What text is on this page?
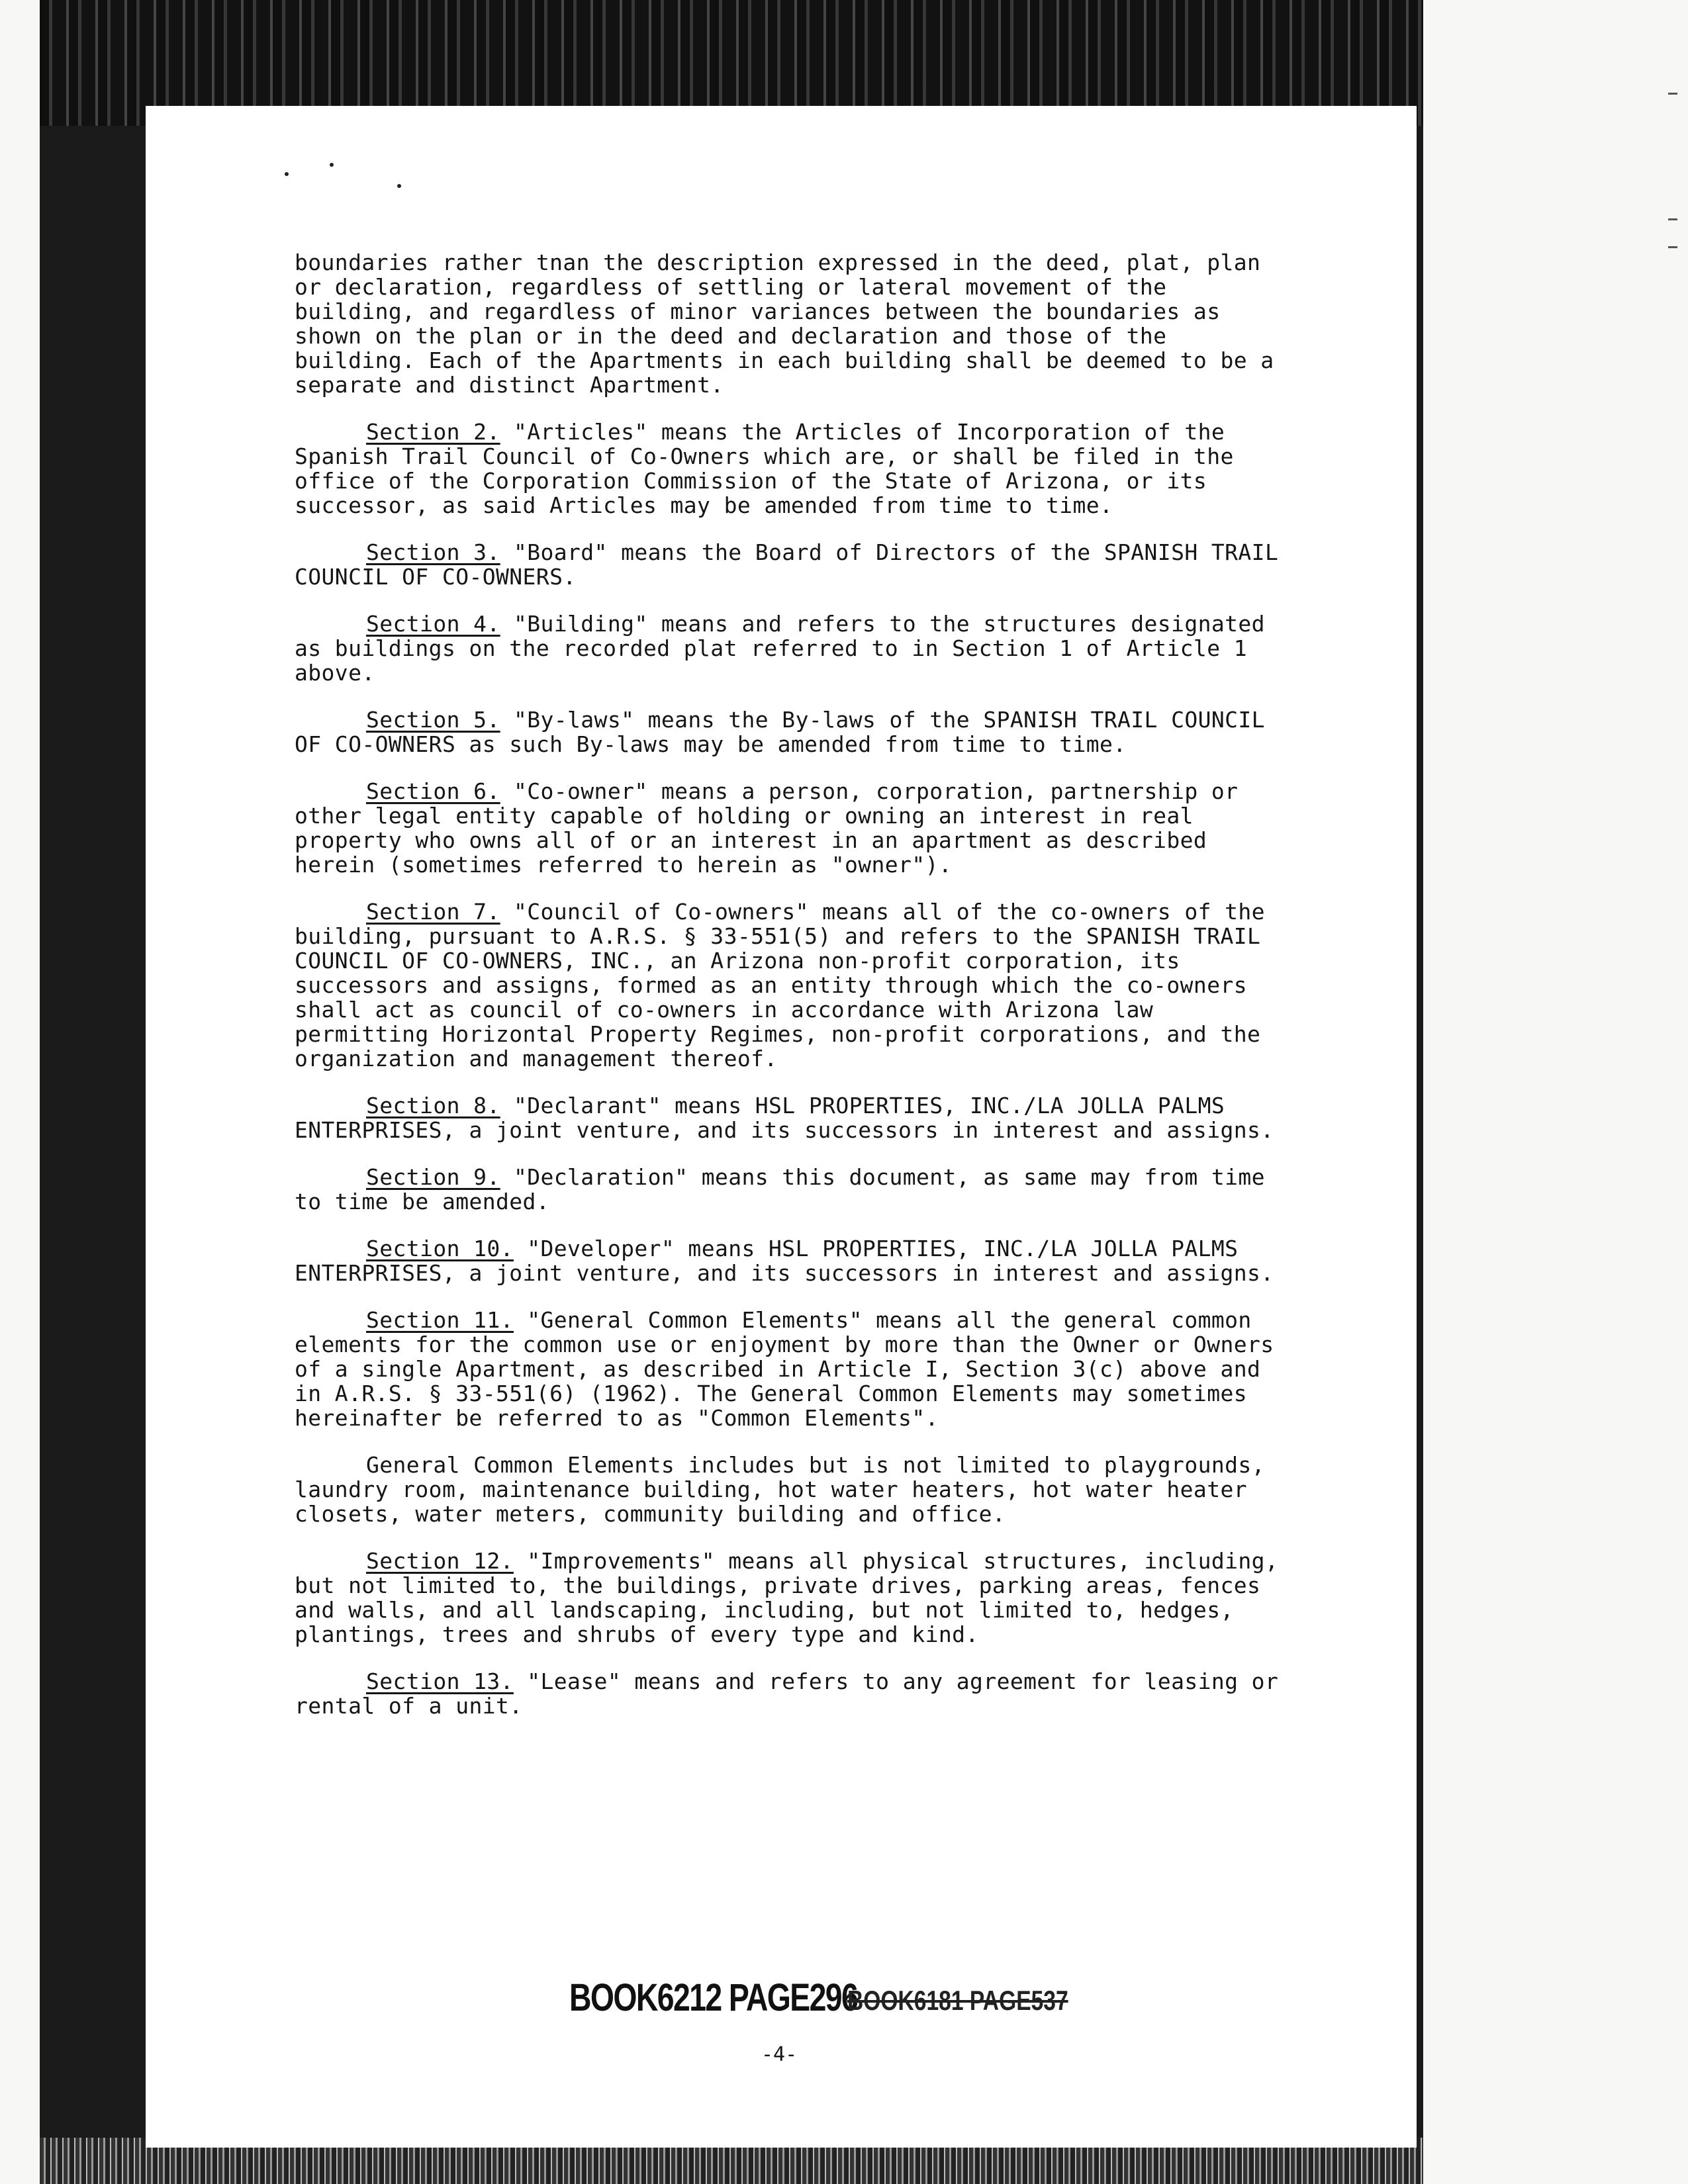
boundaries rather tnan the description expressed in the deed, plat, plan or declaration, regardless of settling or lateral movement of the building, and regardless of minor variances between the boundaries as shown on the plan or in the deed and declaration and those of the building. Each of the Apartments in each building shall be deemed to be a separate and distinct Apartment.

Section 2. "Articles" means the Articles of Incorporation of the Spanish Trail Council of Co-Owners which are, or shall be filed in the office of the Corporation Commission of the State of Arizona, or its successor, as said Articles may be amended from time to time.

Section 3. "Board" means the Board of Directors of the SPANISH TRAIL COUNCIL OF CO-OWNERS.

Section 4. "Building" means and refers to the structures designated as buildings on the recorded plat referred to in Section 1 of Article 1 above.

Section 5. "By-laws" means the By-laws of the SPANISH TRAIL COUNCIL OF CO-OWNERS as such By-laws may be amended from time to time.

Section 6. "Co-owner" means a person, corporation, partnership or other legal entity capable of holding or owning an interest in real property who owns all of or an interest in an apartment as described herein (sometimes referred to herein as "owner").

Section 7. "Council of Co-owners" means all of the co-owners of the building, pursuant to A.R.S. § 33-551(5) and refers to the SPANISH TRAIL COUNCIL OF CO-OWNERS, INC., an Arizona non-profit corporation, its successors and assigns, formed as an entity through which the co-owners shall act as council of co-owners in accordance with Arizona law permitting Horizontal Property Regimes, non-profit corporations, and the organization and management thereof.

Section 8. "Declarant" means HSL PROPERTIES, INC./LA JOLLA PALMS ENTERPRISES, a joint venture, and its successors in interest and assigns.

Section 9. "Declaration" means this document, as same may from time to time be amended.

Section 10. "Developer" means HSL PROPERTIES, INC./LA JOLLA PALMS ENTERPRISES, a joint venture, and its successors in interest and assigns.

Section 11. "General Common Elements" means all the general common elements for the common use or enjoyment by more than the Owner or Owners of a single Apartment, as described in Article I, Section 3(c) above and in A.R.S. § 33-551(6) (1962). The General Common Elements may sometimes hereinafter be referred to as "Common Elements".

General Common Elements includes but is not limited to playgrounds, laundry room, maintenance building, hot water heaters, hot water heater closets, water meters, community building and office.

Section 12. "Improvements" means all physical structures, including, but not limited to, the buildings, private drives, parking areas, fences and walls, and all landscaping, including, but not limited to, hedges, plantings, trees and shrubs of every type and kind.

Section 13. "Lease" means and refers to any agreement for leasing or rental of a unit.

BOOK6212 PAGE296
BOOK6181 PAGE537
-4-
